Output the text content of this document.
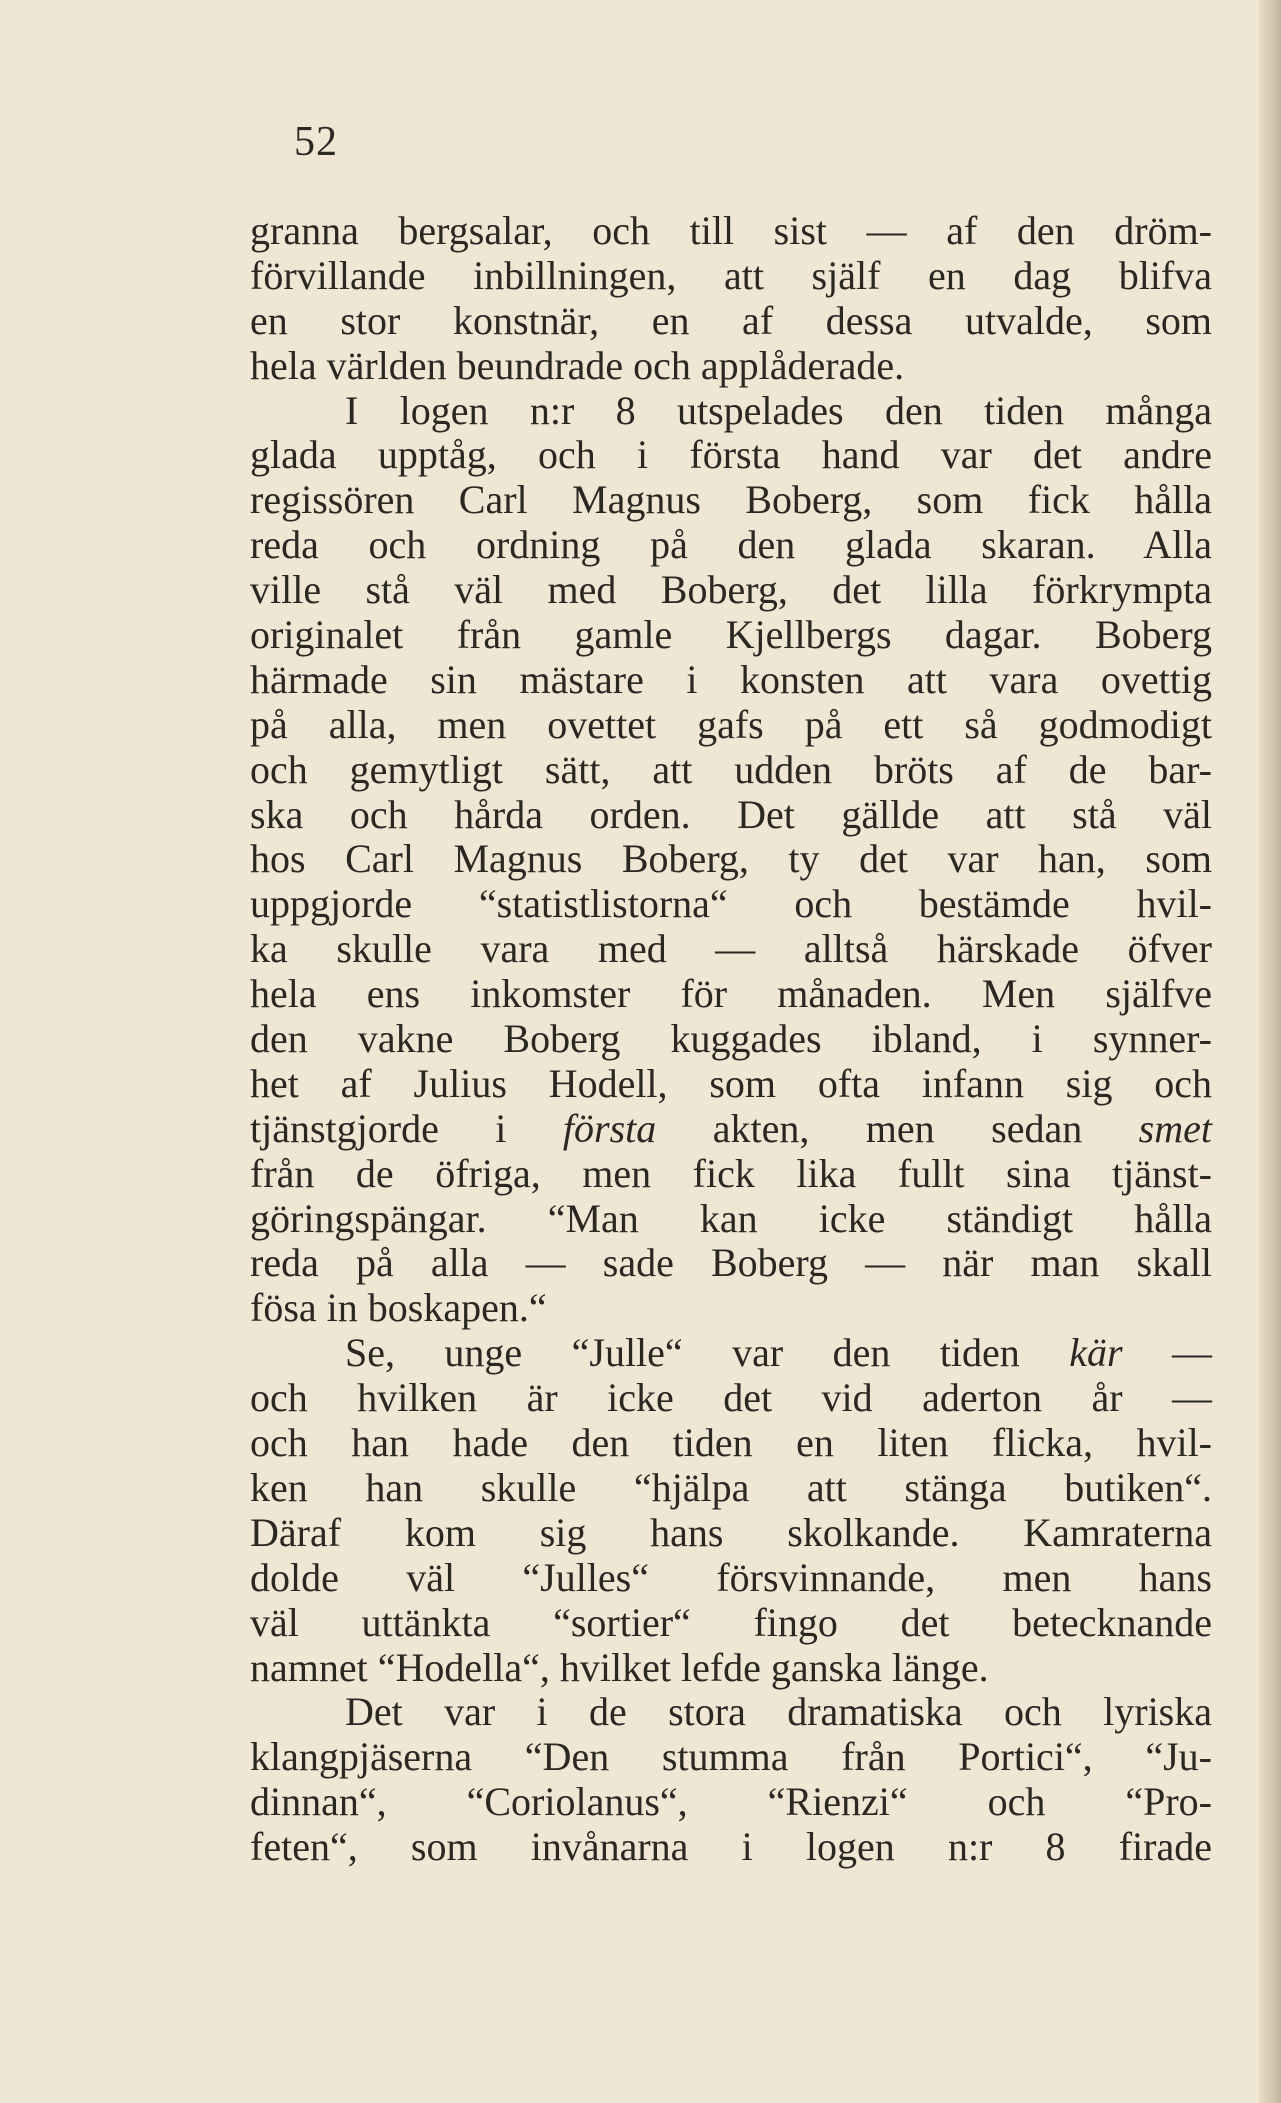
52
granna bergsalar, och till sist — af den dröm-
förvillande inbillningen, att själf en dag blifva
en stor konstnär, en af dessa utvalde, som
hela världen beundrade och applåderade.
I logen n:r 8 utspelades den tiden många
glada upptåg, och i första hand var det andre
regissören Carl Magnus Boberg, som fick hålla
reda och ordning på den glada skaran. Alla
ville stå väl med Boberg, det lilla förkrympta
originalet från gamle Kjellbergs dagar. Boberg
härmade sin mästare i konsten att vara ovettig
på alla, men ovettet gafs på ett så godmodigt
och gemytligt sätt, att udden bröts af de bar-
ska och hårda orden. Det gällde att stå väl
hos Carl Magnus Boberg, ty det var han, som
uppgjorde “statistlistorna“ och bestämde hvil-
ka skulle vara med — alltså härskade öfver
hela ens inkomster för månaden. Men själfve
den vakne Boberg kuggades ibland, i synner-
het af Julius Hodell, som ofta infann sig och
tjänstgjorde i första akten, men sedan smet
från de öfriga, men fick lika fullt sina tjänst-
göringspängar. “Man kan icke ständigt hålla
reda på alla — sade Boberg — när man skall
fösa in boskapen.“
Se, unge “Julle“ var den tiden kär —
och hvilken är icke det vid aderton år —
och han hade den tiden en liten flicka, hvil-
ken han skulle “hjälpa att stänga butiken“.
Däraf kom sig hans skolkande. Kamraterna
dolde väl “Julles“ försvinnande, men hans
väl uttänkta “sortier“ fingo det betecknande
namnet “Hodella“, hvilket lefde ganska länge.
Det var i de stora dramatiska och lyriska
klangpjäserna “Den stumma från Portici“, “Ju-
dinnan“, “Coriolanus“, “Rienzi“ och “Pro-
feten“, som invånarna i logen n:r 8 firade
